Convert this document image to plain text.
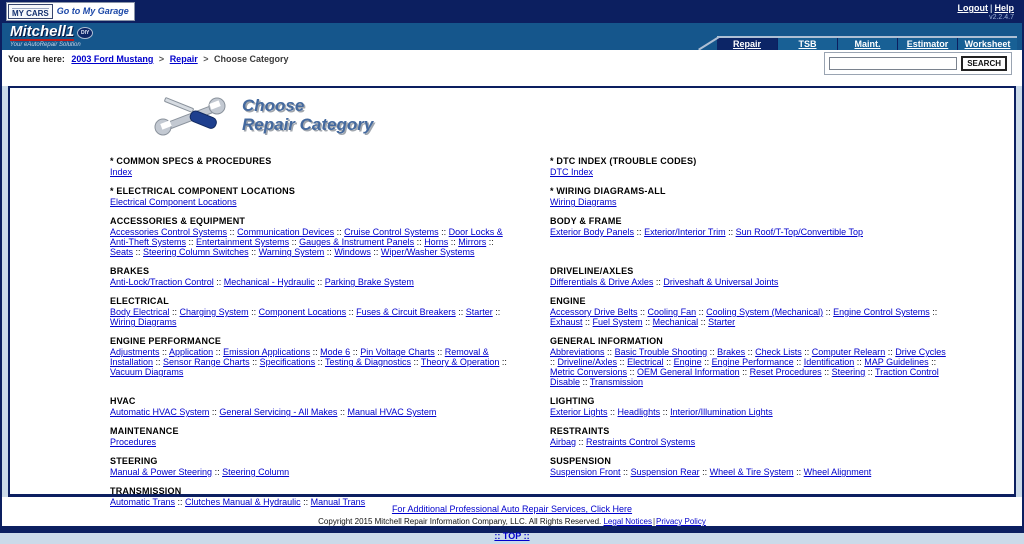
MY CARS Go to My Garage	Logout | Help
v2.2.4.7
Mitchell1	DIY
Your eAutoRepair Solution	Repair	TSB	Maint.	Estimator	Worksheet
You are here: 2003 Ford Mustang > Repair > Choose Category	SEARCH
Choose
Repair Category
* COMMON SPECS & PROCEDURES
Index
* DTC INDEX (TROUBLE CODES)
DTC Index
* ELECTRICAL COMPONENT LOCATIONS
Electrical Component Locations
* WIRING DIAGRAMS-ALL
Wiring Diagrams
ACCESSORIES & EQUIPMENT
Accessories Control Systems :: Communication Devices :: Cruise Control Systems :: Door Locks & Anti-Theft Systems :: Entertainment Systems :: Gauges & Instrument Panels :: Horns :: Mirrors :: Seats :: Steering Column Switches :: Warning System :: Windows :: Wiper/Washer Systems
BODY & FRAME
Exterior Body Panels :: Exterior/Interior Trim :: Sun Roof/T-Top/Convertible Top
BRAKES
Anti-Lock/Traction Control :: Mechanical - Hydraulic :: Parking Brake System
DRIVELINE/AXLES
Differentials & Drive Axles :: Driveshaft & Universal Joints
ELECTRICAL
Body Electrical :: Charging System :: Component Locations :: Fuses & Circuit Breakers :: Starter :: Wiring Diagrams
ENGINE
Accessory Drive Belts :: Cooling Fan :: Cooling System (Mechanical) :: Engine Control Systems :: Exhaust :: Fuel System :: Mechanical :: Starter
ENGINE PERFORMANCE
Adjustments :: Application :: Emission Applications :: Mode 6 :: Pin Voltage Charts :: Removal & Installation :: Sensor Range Charts :: Specifications :: Testing & Diagnostics :: Theory & Operation :: Vacuum Diagrams
GENERAL INFORMATION
Abbreviations :: Basic Trouble Shooting :: Brakes :: Check Lists :: Computer Relearn :: Drive Cycles :: Driveline/Axles :: Electrical :: Engine :: Engine Performance :: Identification :: MAP Guidelines :: Metric Conversions :: OEM General Information :: Reset Procedures :: Steering :: Traction Control Disable :: Transmission
HVAC
Automatic HVAC System :: General Servicing - All Makes :: Manual HVAC System
LIGHTING
Exterior Lights :: Headlights :: Interior/Illumination Lights
MAINTENANCE
Procedures
RESTRAINTS
Airbag :: Restraints Control Systems
STEERING
Manual & Power Steering :: Steering Column
SUSPENSION
Suspension Front :: Suspension Rear :: Wheel & Tire System :: Wheel Alignment
TRANSMISSION
Automatic Trans :: Clutches Manual & Hydraulic :: Manual Trans
For Additional Professional Auto Repair Services, Click Here
Copyright 2015 Mitchell Repair Information Company, LLC. All Rights Reserved. Legal Notices|Privacy Policy
:: TOP ::
